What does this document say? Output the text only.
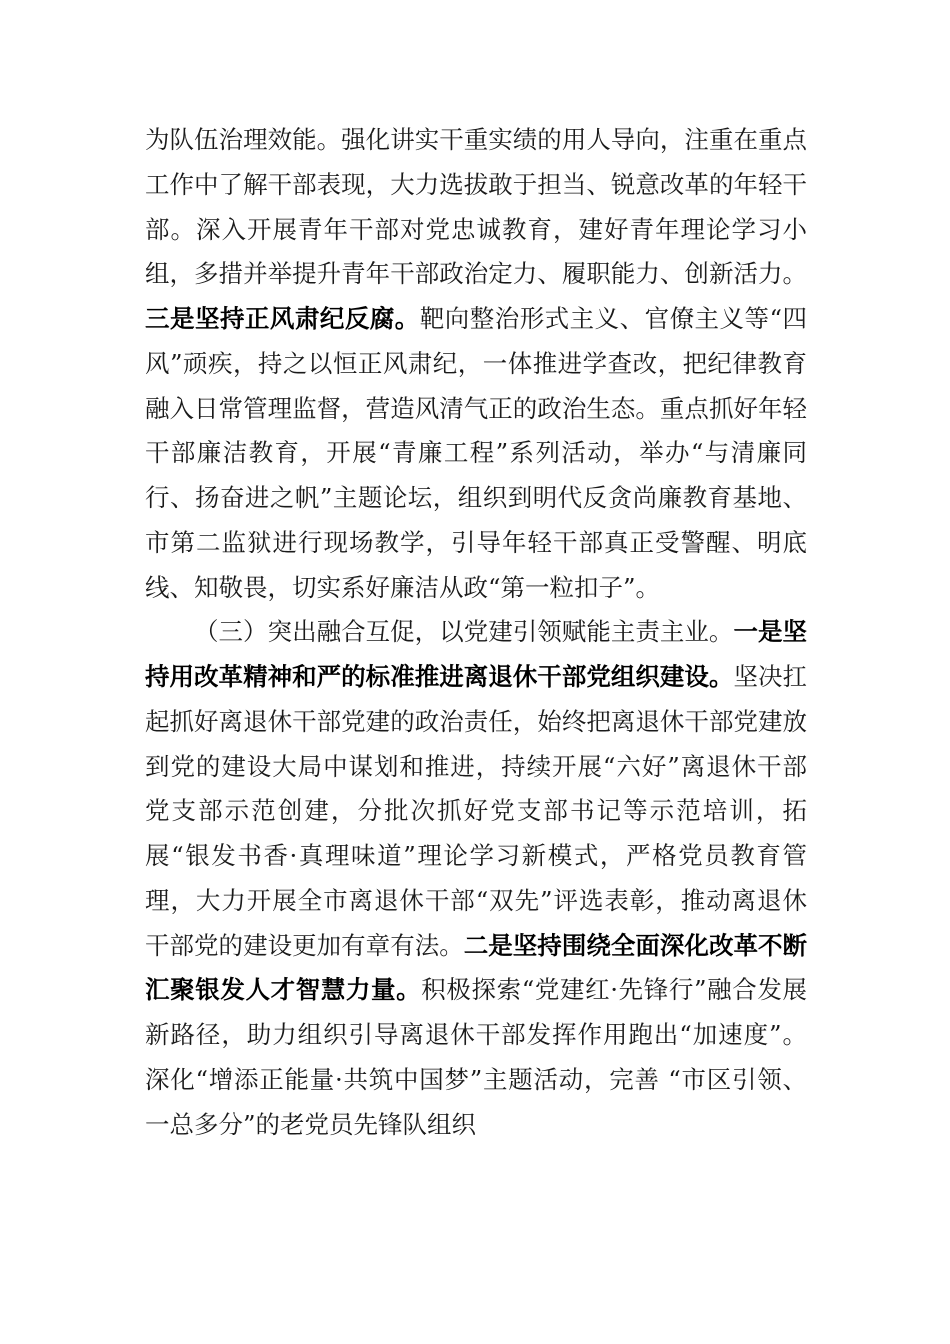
为队伍治理效能。强化讲实干重实绩的用人导向，注重在重点工作中了解干部表现，大力选拔敢于担当、锐意改革的年轻干部。深入开展青年干部对党忠诚教育，建好青年理论学习小组，多措并举提升青年干部政治定力、履职能力、创新活力。三是坚持正风肃纪反腐。靶向整治形式主义、官僚主义等“四风”顽疾，持之以恒正风肃纪，一体推进学查改，把纪律教育融入日常管理监督，营造风清气正的政治生态。重点抓好年轻干部廉洁教育，开展“青廉工程”系列活动，举办“与清廉同行、扬奋进之帆”主题论坛，组织到明代反贪尚廉教育基地、市第二监狱进行现场教学，引导年轻干部真正受警醒、明底线、知敬畏，切实系好廉洁从政“第一粒扣子”。

（三）突出融合互促，以党建引领赋能主责主业。一是坚持用改革精神和严的标准推进离退休干部党组织建设。坚决扛起抓好离退休干部党建的政治责任，始终把离退休干部党建放到党的建设大局中谋划和推进，持续开展“六好”离退休干部党支部示范创建，分批次抓好党支部书记等示范培训，拓展“银发书香·真理味道”理论学习新模式，严格党员教育管理，大力开展全市离退休干部“双先”评选表彰，推动离退休干部党的建设更加有章有法。二是坚持围绕全面深化改革不断汇聚银发人才智慧力量。积极探索“党建红·先锋行”融合发展新路径，助力组织引导离退休干部发挥作用跑出“加速度”。深化“增添正能量·共筑中国梦”主题活动，完善 “市区引领、一总多分”的老党员先锋队组织
